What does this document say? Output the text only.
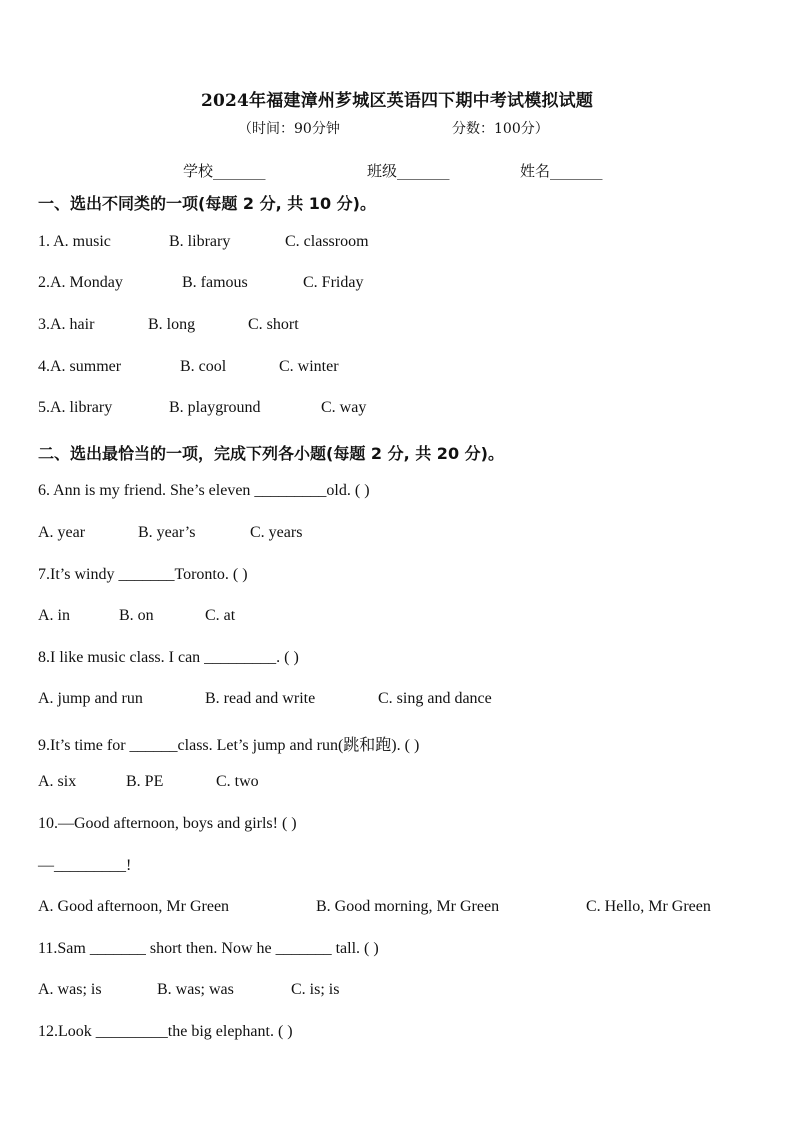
2024年福建漳州芗城区英语四下期中考试模拟试题
（时间：90分钟	分数：100分）
学校_______	班级_______	姓名_______
一、选出不同类的一项(每题 2 分, 共 10 分)。
1. A. music	B. library	C. classroom
2.A. Monday	B. famous	C. Friday
3.A. hair	B. long	C. short
4.A. summer	B. cool	C. winter
5.A. library	B. playground	C. way
二、选出最恰当的一项，完成下列各小题(每题 2 分, 共 20 分)。
6. Ann is my friend. She’s eleven _________old. ( )
A. year	B. year’s	C. years
7.It’s windy _______Toronto. ( )
A. in	B. on	C. at
8.I like music class. I can _________. ( )
A. jump and run	B. read and write	C. sing and dance
9.It’s time for ______class. Let’s jump and run(跳和跑). ( )
A. six	B. PE	C. two
10.—Good afternoon, boys and girls! ( )
—_________!
A. Good afternoon, Mr Green	B. Good morning, Mr Green	C. Hello, Mr Green
11.Sam _______ short then. Now he _______ tall. ( )
A. was; is	B. was; was	C. is; is
12.Look _________the big elephant. ( )
